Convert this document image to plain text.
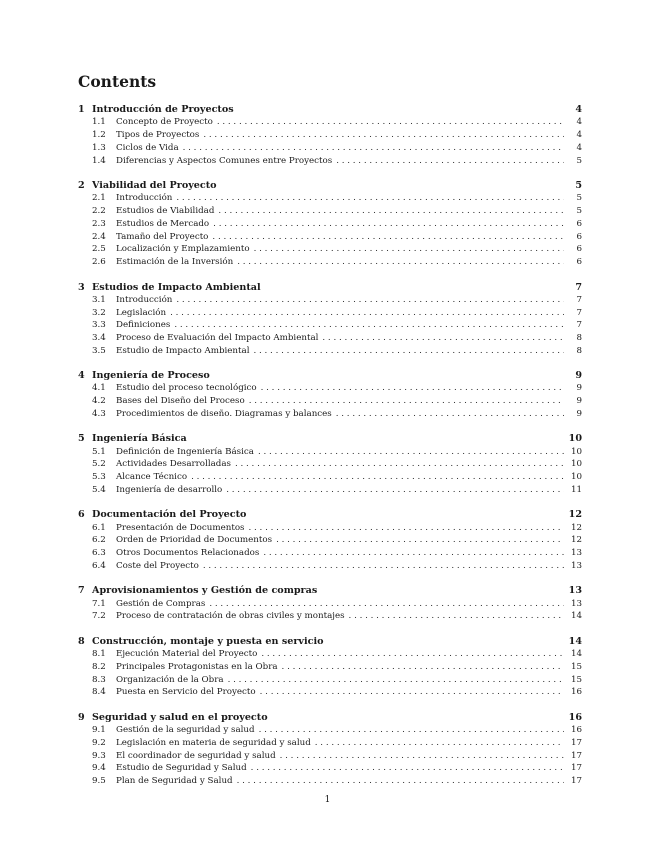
Contents
1 Introducción de Proyectos	4
1.1	Concepto de Proyecto . . .	4
1.2	Tipos de Proyectos . . .	4
1.3	Ciclos de Vida . . .	4
1.4	Diferencias y Aspectos Comunes entre Proyectos . . .	5
2 Viabilidad del Proyecto	5
2.1	Introducción . . .	5
2.2	Estudios de Viabilidad . . .	5
2.3	Estudios de Mercado . . .	6
2.4	Tamaño del Proyecto . . .	6
2.5	Localización y Emplazamiento . . .	6
2.6	Estimación de la Inversión . . .	6
3 Estudios de Impacto Ambiental	7
3.1	Introducción . . .	7
3.2	Legislación . . .	7
3.3	Definiciones . . .	7
3.4	Proceso de Evaluación del Impacto Ambiental . . .	8
3.5	Estudio de Impacto Ambiental . . .	8
4 Ingeniería de Proceso	9
4.1	Estudio del proceso tecnológico . . .	9
4.2	Bases del Diseño del Proceso . . .	9
4.3	Procedimientos de diseño. Diagramas y balances . . .	9
5 Ingeniería Básica	10
5.1	Definición de Ingeniería Básica . . .	10
5.2	Actividades Desarrolladas . . .	10
5.3	Alcance Técnico . . .	10
5.4	Ingeniería de desarrollo . . .	11
6 Documentación del Proyecto	12
6.1	Presentación de Documentos . . .	12
6.2	Orden de Prioridad de Documentos . . .	12
6.3	Otros Documentos Relacionados . . .	13
6.4	Coste del Proyecto . . .	13
7 Aprovisionamientos y Gestión de compras	13
7.1	Gestión de Compras . . .	13
7.2	Proceso de contratación de obras civiles y montajes . . .	14
8 Construcción, montaje y puesta en servicio	14
8.1	Ejecución Material del Proyecto . . .	14
8.2	Principales Protagonistas en la Obra . . .	15
8.3	Organización de la Obra . . .	15
8.4	Puesta en Servicio del Proyecto . . .	16
9 Seguridad y salud en el proyecto	16
9.1	Gestión de la seguridad y salud . . .	16
9.2	Legislación en materia de seguridad y salud . . .	17
9.3	El coordinador de seguridad y salud . . .	17
9.4	Estudio de Seguridad y Salud . . .	17
9.5	Plan de Seguridad y Salud . . .	17
1
